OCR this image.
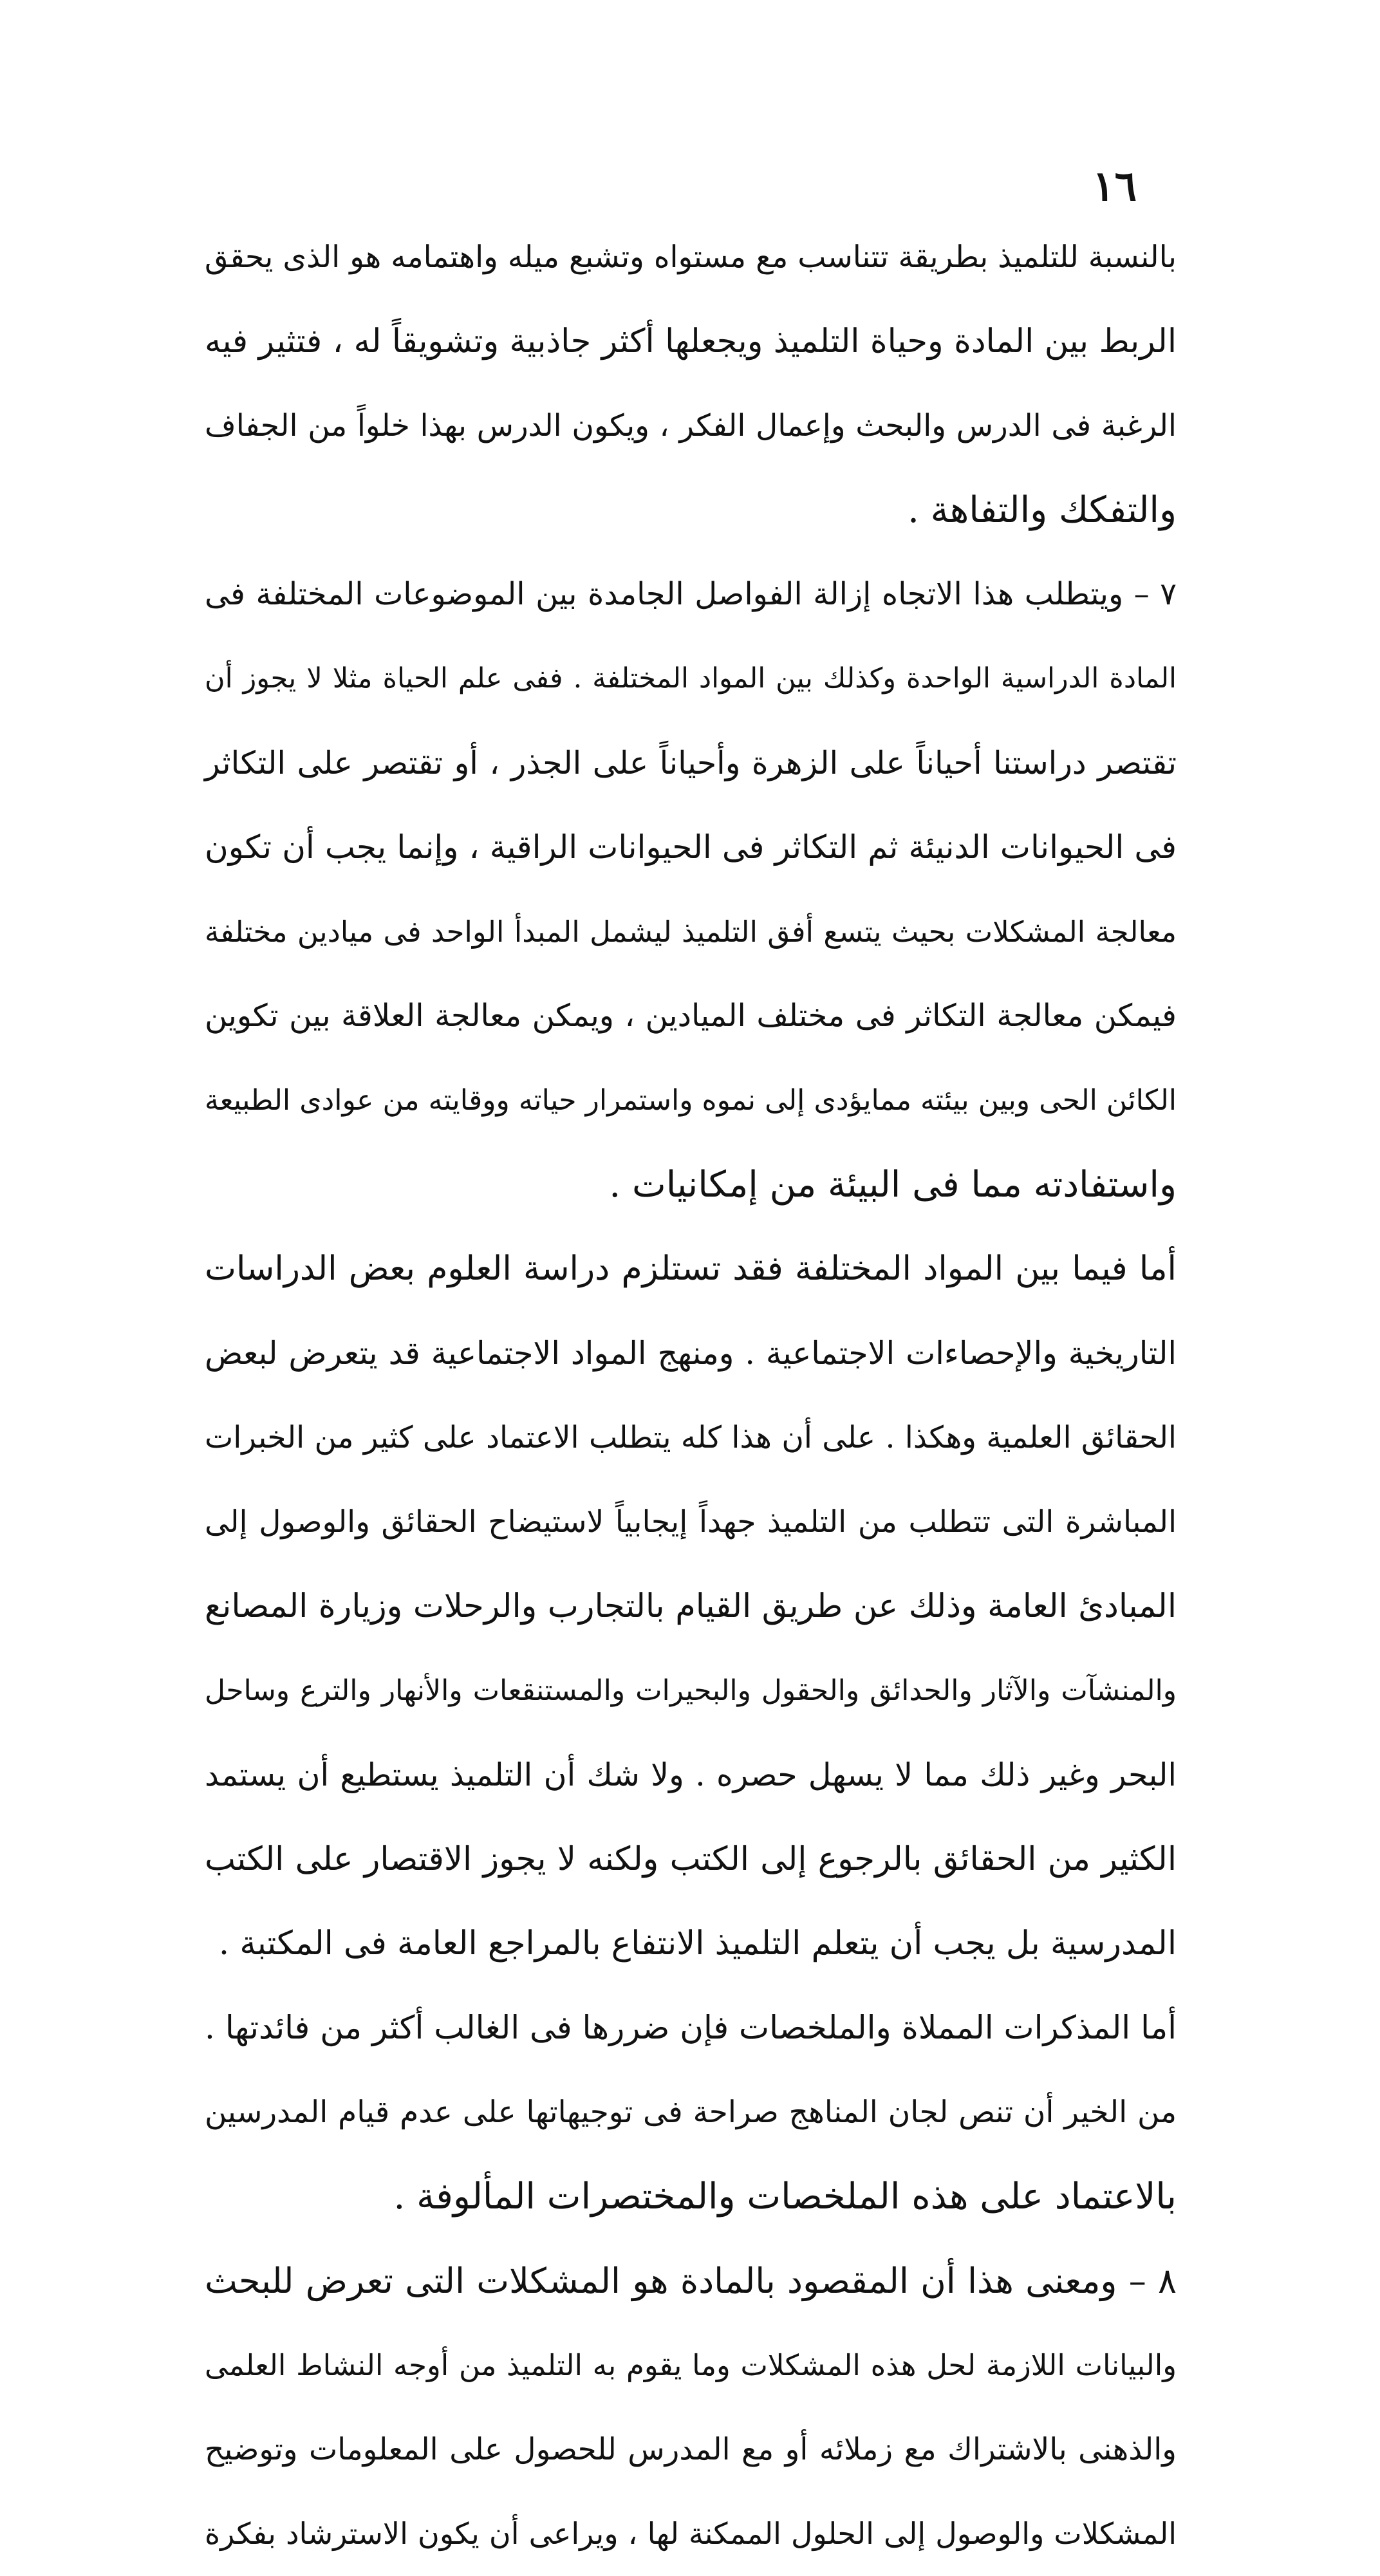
١٦
بالنسبة للتلميذ بطريقة تتناسب مع مستواه وتشبع ميله واهتمامه هو الذى يحقق
الربط بين المادة وحياة التلميذ ويجعلها أكثر جاذبية وتشويقاً له ، فتثير فيه
الرغبة فى الدرس والبحث وإعمال الفكر ، ويكون الدرس بهذا خلواً من الجفاف
والتفكك والتفاهة .
٧ – ويتطلب هذا الاتجاه إزالة الفواصل الجامدة بين الموضوعات المختلفة فى
المادة الدراسية الواحدة وكذلك بين المواد المختلفة . ففى علم الحياة مثلا لا يجوز أن
تقتصر دراستنا أحياناً على الزهرة وأحياناً على الجذر ، أو تقتصر على التكاثر
فى الحيوانات الدنيئة ثم التكاثر فى الحيوانات الراقية ، وإنما يجب أن تكون
معالجة المشكلات بحيث يتسع أفق التلميذ ليشمل المبدأ الواحد فى ميادين مختلفة
فيمكن معالجة التكاثر فى مختلف الميادين ، ويمكن معالجة العلاقة بين تكوين
الكائن الحى وبين بيئته ممايؤدى إلى نموه واستمرار حياته ووقايته من عوادى الطبيعة
واستفادته مما فى البيئة من إمكانيات .
أما فيما بين المواد المختلفة فقد تستلزم دراسة العلوم بعض الدراسات
التاريخية والإحصاءات الاجتماعية . ومنهج المواد الاجتماعية قد يتعرض لبعض
الحقائق العلمية وهكذا . على أن هذا كله يتطلب الاعتماد على كثير من الخبرات
المباشرة التى تتطلب من التلميذ جهداً إيجابياً لاستيضاح الحقائق والوصول إلى
المبادئ العامة وذلك عن طريق القيام بالتجارب والرحلات وزيارة المصانع
والمنشآت والآثار والحدائق والحقول والبحيرات والمستنقعات والأنهار والترع وساحل
البحر وغير ذلك مما لا يسهل حصره . ولا شك أن التلميذ يستطيع أن يستمد
الكثير من الحقائق بالرجوع إلى الكتب ولكنه لا يجوز الاقتصار على الكتب
المدرسية بل يجب أن يتعلم التلميذ الانتفاع بالمراجع العامة فى المكتبة .
أما المذكرات المملاة والملخصات فإن ضررها فى الغالب أكثر من فائدتها .
من الخير أن تنص لجان المناهج صراحة فى توجيهاتها على عدم قيام المدرسين
بالاعتماد على هذه الملخصات والمختصرات المألوفة .
٨ – ومعنى هذا أن المقصود بالمادة هو المشكلات التى تعرض للبحث
والبيانات اللازمة لحل هذه المشكلات وما يقوم به التلميذ من أوجه النشاط العلمى
والذهنى بالاشتراك مع زملائه أو مع المدرس للحصول على المعلومات وتوضيح
المشكلات والوصول إلى الحلول الممكنة لها ، ويراعى أن يكون الاسترشاد بفكرة
